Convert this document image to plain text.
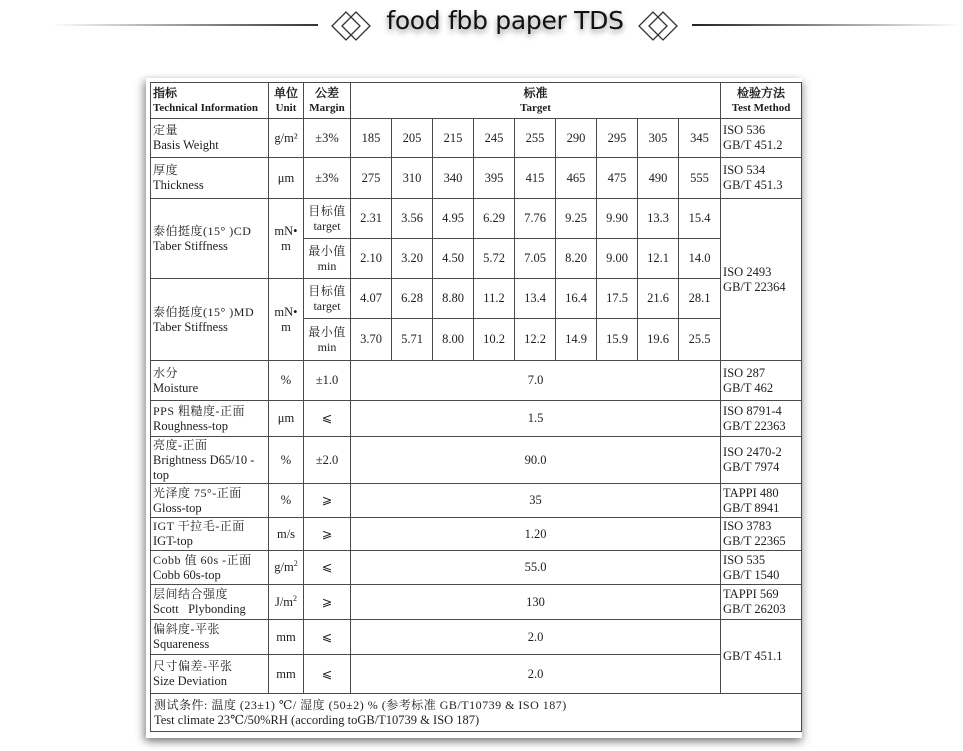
food fbb paper TDS
指标
Technical Information	单位
Unit	公差
Margin	标准
Target									检验方法
Test Method

定量
Basis Weight	g/m²	±3%	185	205	215	245	255	290	295	305	345	ISO 536
GB/T 451.2

厚度
Thickness	μm	±3%	275	310	340	395	415	465	475	490	555	ISO 534
GB/T 451.3

泰伯挺度(15° )CD
Taber Stiffness	mN•
m	目标值
target	2.31	3.56	4.95	6.29	7.76	9.25	9.90	13.3	15.4	ISO 2493
GB/T 22364

		最小值
min	2.10	3.20	4.50	5.72	7.05	8.20	9.00	12.1	14.0	

泰伯挺度(15° )MD
Taber Stiffness	mN•
m	目标值
target	4.07	6.28	8.80	11.2	13.4	16.4	17.5	21.6	28.1	

		最小值
min	3.70	5.71	8.00	10.2	12.2	14.9	15.9	19.6	25.5	

水分
Moisture	%	±1.0	7.0									ISO 287
GB/T 462

PPS 粗糙度-正面
Roughness-top	μm	⩽	1.5									ISO 8791-4
GB/T 22363

亮度-正面
Brightness D65/10 - top	%	±2.0	90.0									ISO 2470-2
GB/T 7974

光泽度 75°-正面
Gloss-top	%	⩾	35									TAPPI 480
GB/T 8941

IGT 干拉毛-正面
IGT-top	m/s	⩾	1.20									ISO 3783
GB/T 22365

Cobb 值 60s -正面
Cobb 60s-top	$g/m^2$	⩽	55.0									ISO 535
GB/T 1540

层间结合强度
Scott   Plybonding	$J/m^2$	⩾	130									TAPPI 569
GB/T 26203

偏斜度-平张
Squareness	mm	⩽	2.0									GB/T 451.1

尺寸偏差-平张
Size Deviation	mm	⩽	2.0									

测试条件: 温度 (23±1) ℃/ 湿度 (50±2) % (参考标准 GB/T10739 & ISO 187)
Test climate 23℃/50%RH (according toGB/T10739 & ISO 187)												
